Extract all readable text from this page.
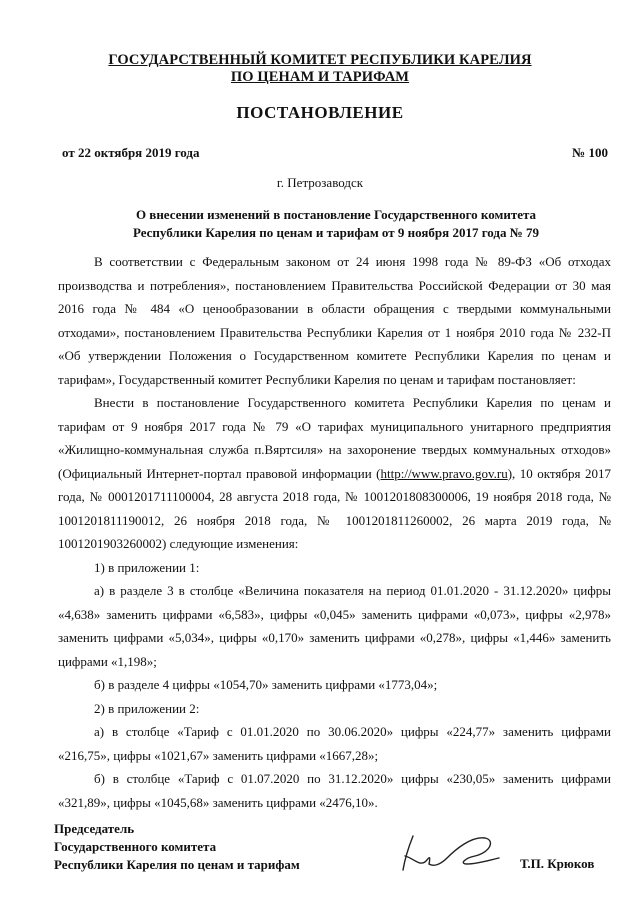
ГОСУДАРСТВЕННЫЙ КОМИТЕТ РЕСПУБЛИКИ КАРЕЛИЯ
ПО ЦЕНАМ И ТАРИФАМ
ПОСТАНОВЛЕНИЕ
от 22 октября 2019 года	№ 100
г. Петрозаводск
О внесении изменений в постановление Государственного комитета
Республики Карелия по ценам и тарифам от 9 ноября 2017 года № 79

В соответствии с Федеральным законом от 24 июня 1998 года № 89-ФЗ «Об отходах производства и потребления», постановлением Правительства Российской Федерации от 30 мая 2016 года № 484 «О ценообразовании в области обращения с твердыми коммунальными отходами», постановлением Правительства Республики Карелия от 1 ноября 2010 года № 232-П «Об утверждении Положения о Государственном комитете Республики Карелия по ценам и тарифам», Государственный комитет Республики Карелия по ценам и тарифам постановляет:

Внести в постановление Государственного комитета Республики Карелия по ценам и тарифам от 9 ноября 2017 года № 79 «О тарифах муниципального унитарного предприятия «Жилищно-коммунальная служба п.Вяртсиля» на захоронение твердых коммунальных отходов» (Официальный Интернет-портал правовой информации (http://www.pravo.gov.ru), 10 октября 2017 года, № 0001201711100004, 28 августа 2018 года, № 1001201808300006, 19 ноября 2018 года, № 1001201811190012, 26 ноября 2018 года, № 1001201811260002, 26 марта 2019 года, № 1001201903260002) следующие изменения:

1) в приложении 1:

а) в разделе 3 в столбце «Величина показателя на период 01.01.2020 - 31.12.2020» цифры «4,638» заменить цифрами «6,583», цифры «0,045» заменить цифрами «0,073», цифры «2,978» заменить цифрами «5,034», цифры «0,170» заменить цифрами «0,278», цифры «1,446» заменить цифрами «1,198»;

б) в разделе 4 цифры «1054,70» заменить цифрами «1773,04»;

2) в приложении 2:

а) в столбце «Тариф с 01.01.2020 по 30.06.2020» цифры «224,77» заменить цифрами «216,75», цифры «1021,67» заменить цифрами «1667,28»;

б) в столбце «Тариф с 01.07.2020 по 31.12.2020» цифры «230,05» заменить цифрами «321,89», цифры «1045,68» заменить цифрами «2476,10».

Председатель
Государственного комитета
Республики Карелия по ценам и тарифам	Т.П. Крюков
